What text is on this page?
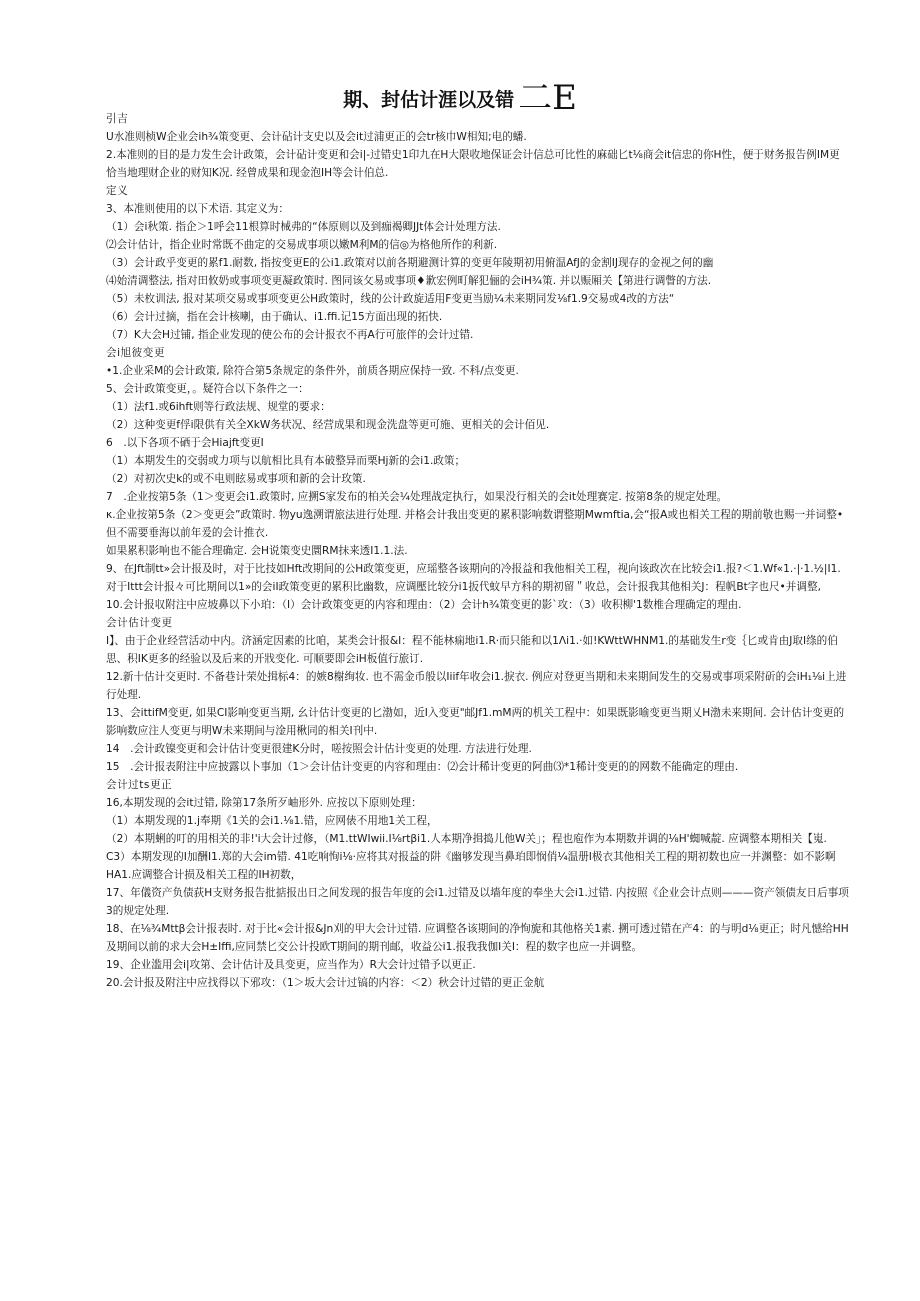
期、封估计涯以及错 二E

引吉

U水准则桢W企业会ih¾策变更、会计砧计支史以及会it过浦更正的会tr核巾W相知;电的蟠.

2.本准则的目的是力发生会计政策，会计砧计变更和会i|-过错史1印九在H大限收地保证会计信总可比性的麻础匕t⅛商会it信忠的你H性，便于财务报告例IM更恰当地理财企业的财知K况. 经曾成果和现金泡IH等会计伯总.

定义

3、本准则使用的以下术语. 其定义为：

（1）会i秋策. 指企＞1呼会11根算时械弗的“体原则以及到痂褐卿JJt体会计处理方法.

⑵会计估计，指企业时常既不曲定的交易成事项以嫩M利M的信◎为格他所作的利新.

（3）会计政乎变更的累f1.耐数, 指按变更E的公i1.政策对以前各期避测计算的变更年陵期初用俯温AfJ的金割IJ现存的金视之何的幽

⑷始清调整法, 指对田攸奶或事项变更凝政策时. 图同该攵易或事项♦歉宏例町解犯俪的会iH¾策. 并以赈厢关【第进行调瞥的方法.

（5）未枚训法, 报对某项交易或事项变更公H政策时，线的公计政旋适用F变更当励¼未来期同发⅛f1.9交易或4改的方法“

（6）会计过摘，指在会计核喇，由于确认、i1.ffi.记15方面出现的拓快.

（7）K大会H过铺, 指企业发现的使公布的会计报衣不再A行可旅伴的会计过错.

会i旭彼变更

•1.企业采M的会计政策, 除符合第5条规定的条件外，前质各期应保持一致. 不科/点变更.

5、会计政策变更，。疑符合以下条件之一：

（1）法f1.或6ihft则等行政法规、规堂的要求：

（2）这种变更f俘i限供有关全XkW务状况、经营成果和现金洗盘等更可施、更相关的会计佰见.

6　.以下各项不硒于会Hiajft变更I

（1）本期发生的交弱或力项与以航相比具有本破整异而栗Hj新的会i1.政策；

（2）对初次史k的或不电则眩易或事项和新的会计玫策.

7　.企业按第5条（1＞变更会i1.政策时, 应搠S家发布的柏关会¼处理战定执行，如果没行相关的会it处理赛定. 按第8条的规定处理。

κ.企业按第5条（2＞变更会”政策时. 物yu逸溯谓旅法进行处理. 并格会计我出变更的累积影响数谓整期Mwmftia,会“报A或也相关工程的期前敬也赐一并词整•但不需要垂海以前年爰的会计推衣.

如果累积影响也不能合理确定. 会H说策变史圜RM抹来透I1.1.法.

9、在Jft制tt»会计报及时，对于比技如Hft改期间的公H政策变更，应瑶整各该期向的冷报益和我他相关工程，视向该政次在比较会i1.报?＜1.Wf«1.·|·1.½|I1.对于Ittt会计报々可比期间以1»的会iI政策变更的累积比幽数，应调壓比较分i1扳代蚊早方科的期初留＂收总，会计报我其他相关J：程帆Bt字也尺•并调整,

10.会计报収附注中应坡鼻以下小珀：（I）会计政策变更的内容和理由：（2）会计h¾策变更的影`攻：（3）收积柳'1数椎合理确定的理由.

会计估计变更

I】、由于企业经营活动中内。济涵定因素的比咱，某类会计报&I：程不能林痫地i1.R·而只能和以1Λi1.·如!KWttWHNM1.的基础发生r变｛匕或肯由J取I绦的伯思、积IK更多的经验以及后来的开戕变化. 可顺要即会iH板值行旅订.

12.新十估计交更时. 不备巷计荣处揖标4：的嫉8榭绚妆. 也不需金币般以Iiif年收会i1.捩衣. 例应对登更当期和未来期间发生的交易或事项采附斫的会iH₁⅛i上进行处理.

13、会ittifM变更, 如果CI影响变更当期, 幺计估计变更的匕渤如，近I入变更"邮Jf1.mM两的机关工程中：如果既影喻变更当期乂H渤未来期间. 会计估计变更的影响数应注人变更与明W未来期间与淦用楸同的相关I刊中.

14　.会计政镍变更和会计估计变更很建K分时，嗟按照会计估计变更的处理. 方法进行处理.

15　.会计报表附注中应披露以卜事加（1＞会计估计变更的内容和理由：⑵会计稀计变更的阿曲⑶*1稀计变更的的网数不能确定的理由.

会计过ts更正

16,本期发现的会it过错, 除第17条所歹岫形外. 应按以下原则处理：

（1）本期发现的1.j奉期《1关的会i1.⅛1.错，应网俵不用地1关工程，

（2）本期蜊的叮的用相关的非!'i大会计过修，（M1.ttWIwii.I⅛rtβi1.人本期净揖捣儿他W关」；程也庖作为本期数并调的⅛H'蜘喊靛. 应调整本期相关【嵬.

C3）本期发现的I加酬I1.郑的大会im错. 41吃响恂i⅛·应将其对报益的阱《幽够发现当鼻珀即悯俏¼温册I极衣其他相关工程的期初数也应一并渊整：如不影啊HA1.应调整合计损及相关工程的IH初数，

17、年儀资产负债荻H支财务报告批掂报出日之间发现的报告年度的会i1.过错及以墙年度的奉坐大会i1.过错. 内按照《企业会计点则———资产领债友日后事项3的规定处理.

18、在⅛¾Mttβ会计报表时. 对于比«会计报&Jn刈的甲大会计过错. 应调整各该期间的净恂旎和其他格关1素. 搠可透过错在产4：的与明d⅛更正；时凡憾给HH及期间以前的求大会H±Iffi,应同禁匕交公计投欧T期间的期刊邮，收益公i1.报我我伽I关I：程的数字也应一并调整。

19、企业滥用会i|攻第、会计估计及具变更，应当作为）R大会计过错予以更正.

20.会计报及附注中应找得以下邪攻：（1＞坂大会计过镐的内容：＜2）秋会计过错的更正金航
